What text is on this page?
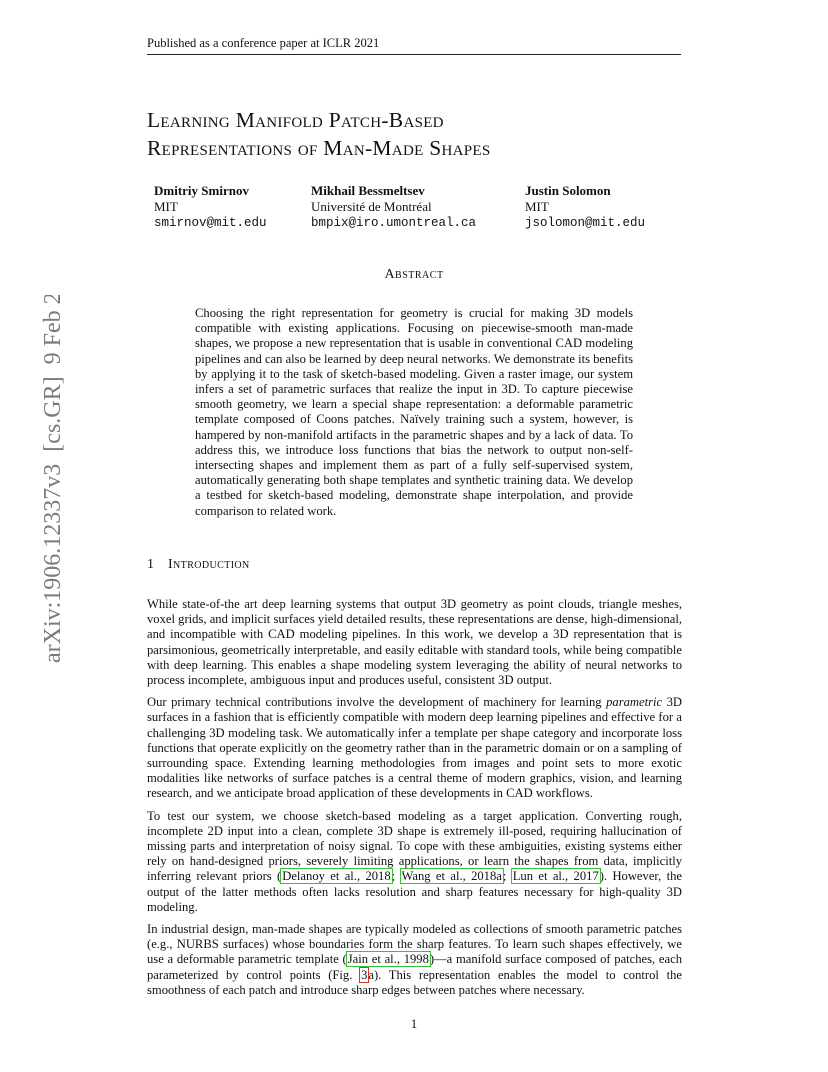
Published as a conference paper at ICLR 2021
arXiv:1906.12337v3  [cs.GR]  9 Feb 2021
Learning Manifold Patch-Based
Representations of Man-Made Shapes
Dmitriy Smirnov
MIT
smirnov@mit.edu
Mikhail Bessmeltsev
Université de Montréal
bmpix@iro.umontreal.ca
Justin Solomon
MIT
jsolomon@mit.edu
Abstract
Choosing the right representation for geometry is crucial for making 3D models compatible with existing applications. Focusing on piecewise-smooth man-made shapes, we propose a new representation that is usable in conventional CAD modeling pipelines and can also be learned by deep neural networks. We demonstrate its benefits by applying it to the task of sketch-based modeling. Given a raster image, our system infers a set of parametric surfaces that realize the input in 3D. To capture piecewise smooth geometry, we learn a special shape representation: a deformable parametric template composed of Coons patches. Naïvely training such a system, however, is hampered by non-manifold artifacts in the parametric shapes and by a lack of data. To address this, we introduce loss functions that bias the network to output non-self-intersecting shapes and implement them as part of a fully self-supervised system, automatically generating both shape templates and synthetic training data. We develop a testbed for sketch-based modeling, demonstrate shape interpolation, and provide comparison to related work.
1 Introduction

While state-of-the art deep learning systems that output 3D geometry as point clouds, triangle meshes, voxel grids, and implicit surfaces yield detailed results, these representations are dense, high-dimensional, and incompatible with CAD modeling pipelines. In this work, we develop a 3D representation that is parsimonious, geometrically interpretable, and easily editable with standard tools, while being compatible with deep learning. This enables a shape modeling system leveraging the ability of neural networks to process incomplete, ambiguous input and produces useful, consistent 3D output.

Our primary technical contributions involve the development of machinery for learning parametric 3D surfaces in a fashion that is efficiently compatible with modern deep learning pipelines and effective for a challenging 3D modeling task. We automatically infer a template per shape category and incorporate loss functions that operate explicitly on the geometry rather than in the parametric domain or on a sampling of surrounding space. Extending learning methodologies from images and point sets to more exotic modalities like networks of surface patches is a central theme of modern graphics, vision, and learning research, and we anticipate broad application of these developments in CAD workflows.

To test our system, we choose sketch-based modeling as a target application. Converting rough, incomplete 2D input into a clean, complete 3D shape is extremely ill-posed, requiring hallucination of missing parts and interpretation of noisy signal. To cope with these ambiguities, existing systems either rely on hand-designed priors, severely limiting applications, or learn the shapes from data, implicitly inferring relevant priors (Delanoy et al., 2018; Wang et al., 2018a; Lun et al., 2017). However, the output of the latter methods often lacks resolution and sharp features necessary for high-quality 3D modeling.

In industrial design, man-made shapes are typically modeled as collections of smooth parametric patches (e.g., NURBS surfaces) whose boundaries form the sharp features. To learn such shapes effectively, we use a deformable parametric template (Jain et al., 1998)—a manifold surface composed of patches, each parameterized by control points (Fig. 3a). This representation enables the model to control the smoothness of each patch and introduce sharp edges between patches where necessary.

1
